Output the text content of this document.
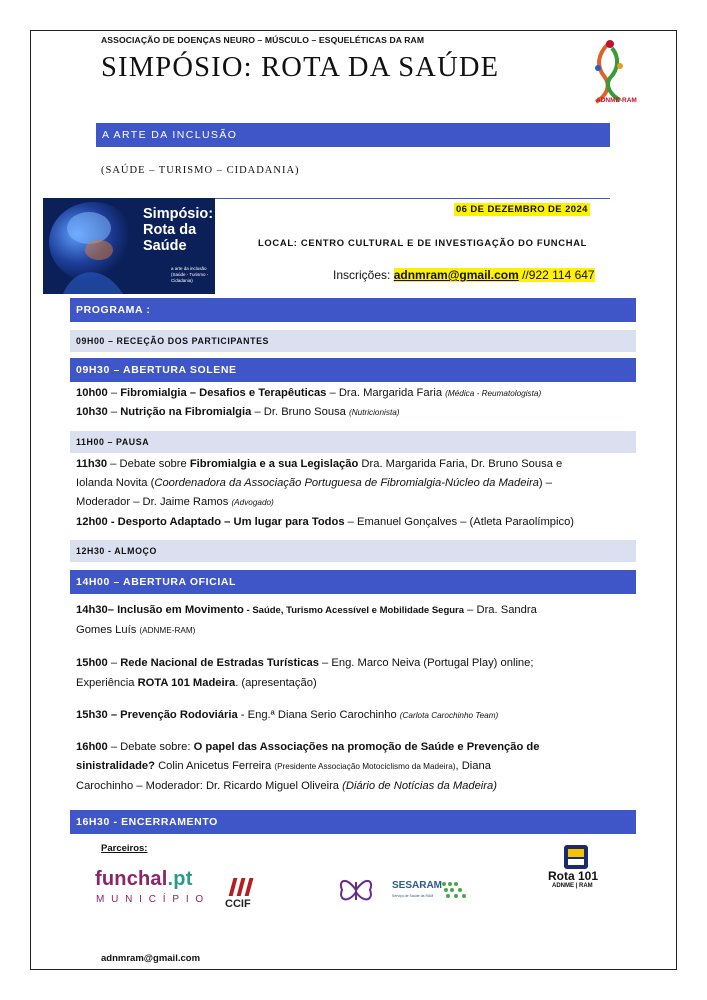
ASSOCIAÇÃO DE DOENÇAS NEURO – MÚSCULO – ESQUELÉTICAS DA RAM
SIMPÓSIO: ROTA DA SAÚDE
ADNME-RAM
A ARTE DA INCLUSÃO
(SAÚDE – TURISMO – CIDADANIA)
Simpósio:
Rota da
Saúde
a arte da inclusão
(Saúde - Turismo - Cidadania)
06 DE DEZEMBRO DE 2024
LOCAL: CENTRO CULTURAL E DE INVESTIGAÇÃO DO FUNCHAL
Inscrições: adnmram@gmail.com //922 114 647
PROGRAMA :
09H00 – RECEÇÃO DOS PARTICIPANTES
09H30 – ABERTURA SOLENE
10h00 – Fibromialgia – Desafios e Terapêuticas – Dra. Margarida Faria (Médica - Reumatologista)
10h30 – Nutrição na Fibromialgia – Dr. Bruno Sousa (Nutricionista)
11H00 – PAUSA
11h30 – Debate sobre Fibromialgia e a sua Legislação Dra. Margarida Faria, Dr. Bruno Sousa e
Iolanda Novita (Coordenadora da Associação Portuguesa de Fibromialgia-Núcleo da Madeira) –
Moderador – Dr. Jaime Ramos (Advogado)
12h00 - Desporto Adaptado – Um lugar para Todos – Emanuel Gonçalves – (Atleta Paraolímpico)
12H30 - ALMOÇO
14H00 – ABERTURA OFICIAL
14h30– Inclusão em Movimento - Saúde, Turismo Acessível e Mobilidade Segura – Dra. Sandra
Gomes Luís (ADNME-RAM)
15h00 – Rede Nacional de Estradas Turísticas – Eng. Marco Neiva (Portugal Play) online;
Experiência ROTA 101 Madeira. (apresentação)
15h30 – Prevenção Rodoviária - Eng.ª Diana Serio Carochinho (Carlota Carochinho Team)
16h00 – Debate sobre: O papel das Associações na promoção de Saúde e Prevenção de
sinistralidade? Colin Anicetus Ferreira (Presidente Associação Motociclismo da Madeira), Diana
Carochinho – Moderador: Dr. Ricardo Miguel Oliveira (Diário de Notícias da Madeira)
16H30 - ENCERRAMENTO
Parceiros:
funchal.pt
MUNICÍPIO CCIF
SESARAM
Serviço de Saúde da RAM
Rota 101
ADNME | RAM
adnmram@gmail.com
